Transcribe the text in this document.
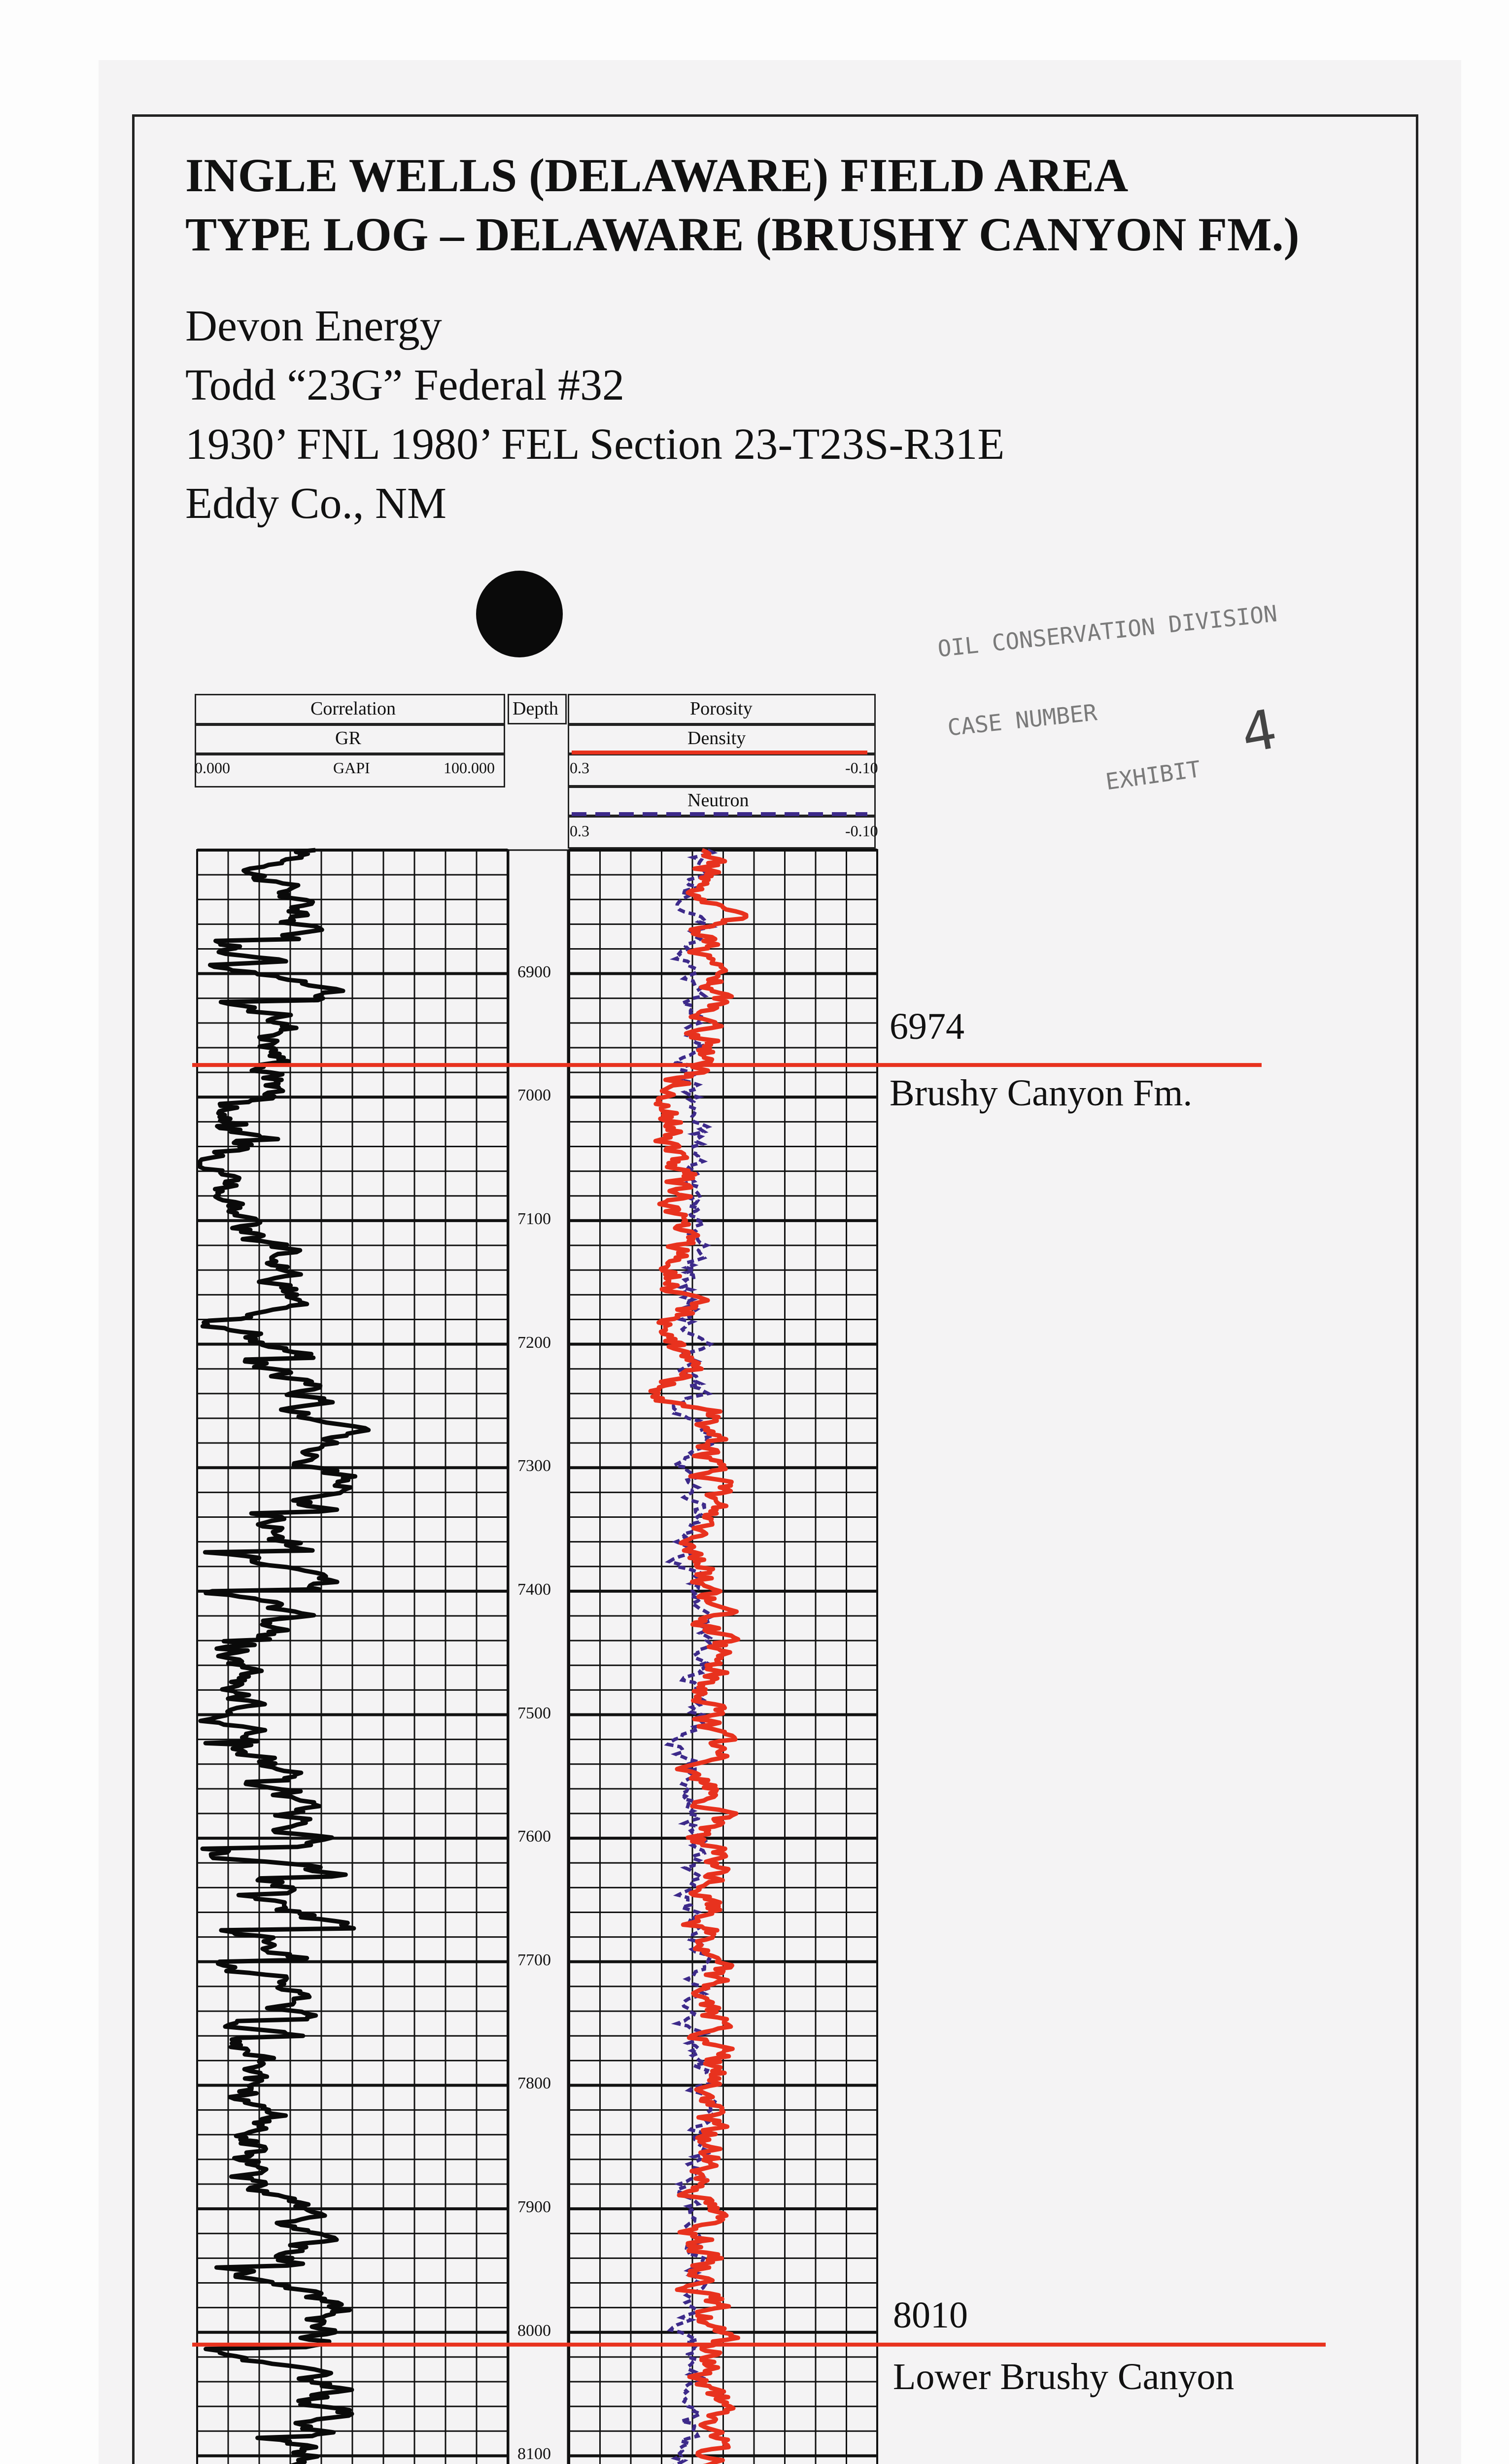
INGLE WELLS (DELAWARE) FIELD AREA
TYPE LOG – DELAWARE (BRUSHY CANYON FM.)
Devon Energy
Todd “23G” Federal #32
1930’ FNL 1980’ FEL Section 23-T23S-R31E
Eddy Co., NM
OIL CONSERVATION DIVISION
CASE NUMBER
EXHIBIT
4
Correlation
GR
0.000	GAPI	100.000
Depth	Porosity
Density
0.3	-0.10
Neutron
0.3	-0.10
6900
7000
7100
7200
7300
7400
7500
7600
7700
7800
7900
8000
8100
6974
Brushy Canyon Fm.
8010
Lower Brushy Canyon
